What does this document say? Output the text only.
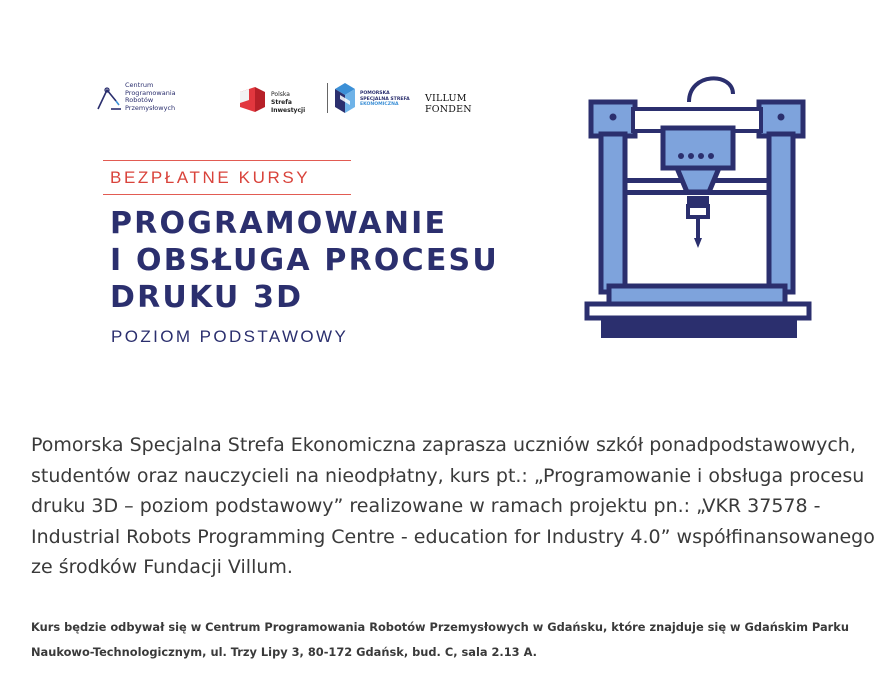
Centrum
Programowania
Robotów
Przemysłowych
Polska
Strefa Inwestycji
POMORSKA
SPECJALNA STREFA
EKONOMICZNA
VILLUM FONDEN
BEZPŁATNE KURSY
PROGRAMOWANIE
I OBSŁUGA PROCESU
DRUKU 3D
POZIOM PODSTAWOWY

Pomorska Specjalna Strefa Ekonomiczna zaprasza uczniów szkół ponadpodstawowych, studentów oraz nauczycieli na nieodpłatny, kurs pt.: „Programowanie i obsługa procesu druku 3D – poziom podstawowy” realizowane w ramach projektu pn.: „VKR 37578 - Industrial Robots Programming Centre - education for Industry 4.0” współfinansowanego ze środków Fundacji Villum.

Kurs będzie odbywał się w Centrum Programowania Robotów Przemysłowych w Gdańsku, które znajduje się w Gdańskim Parku Naukowo-Technologicznym, ul. Trzy Lipy 3, 80-172 Gdańsk, bud. C, sala 2.13 A.
